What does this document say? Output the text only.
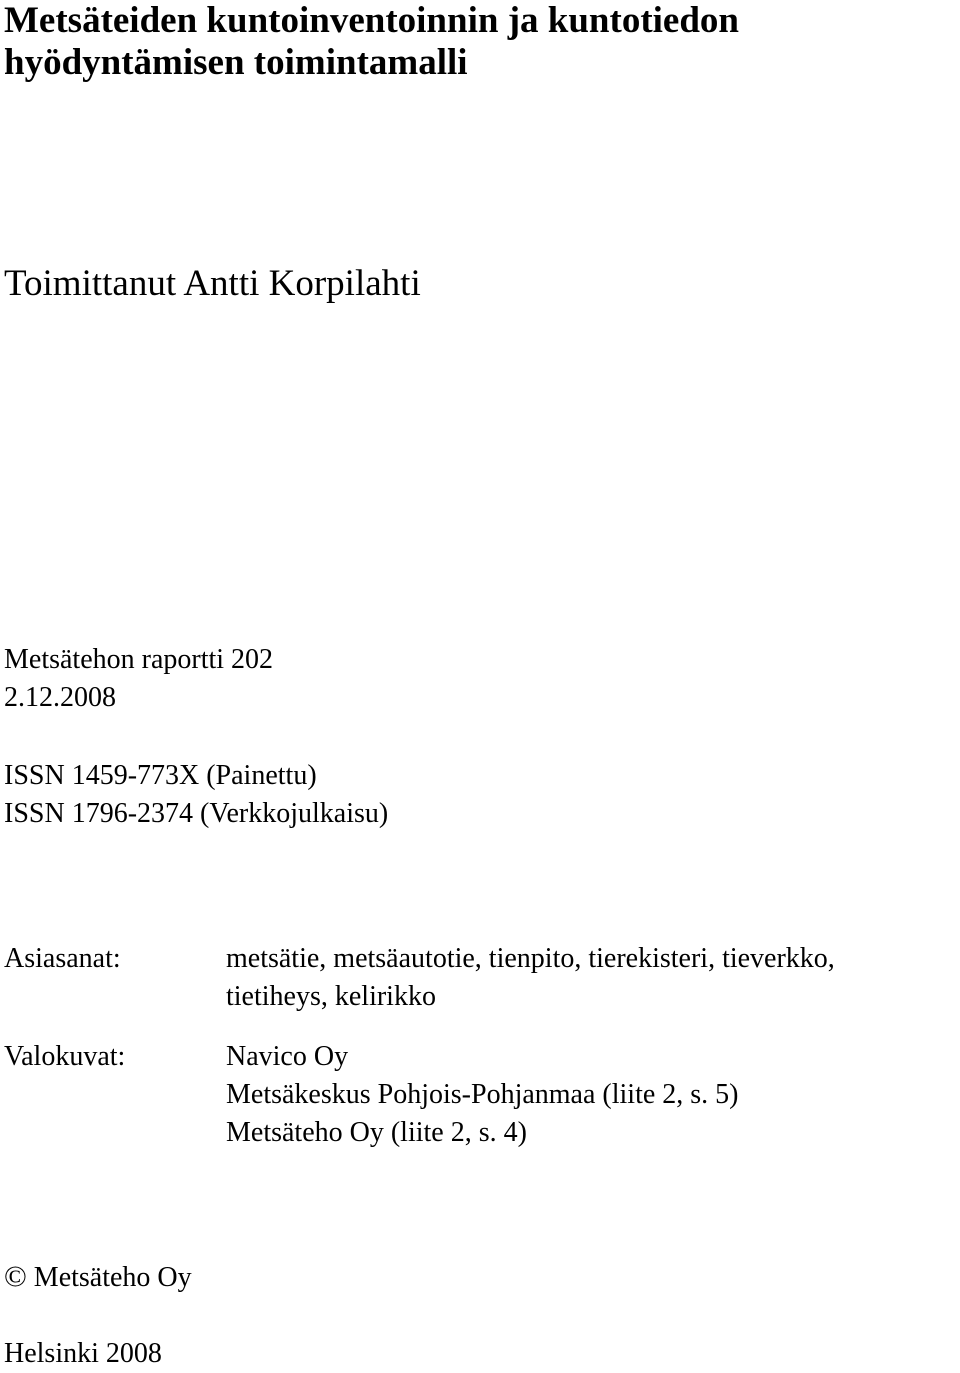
Metsäteiden kuntoinventoinnin ja kuntotiedon
hyödyntämisen toimintamalli
Toimittanut Antti Korpilahti
Metsätehon raportti 202
2.12.2008
ISSN 1459-773X (Painettu)
ISSN 1796-2374 (Verkkojulkaisu)
Asiasanat:	metsätie, metsäautotie, tienpito, tierekisteri, tieverkko,
tietiheys, kelirikko
Valokuvat:	Navico Oy
Metsäkeskus Pohjois-Pohjanmaa (liite 2, s. 5)
Metsäteho Oy (liite 2, s. 4)
© Metsäteho Oy
Helsinki 2008
